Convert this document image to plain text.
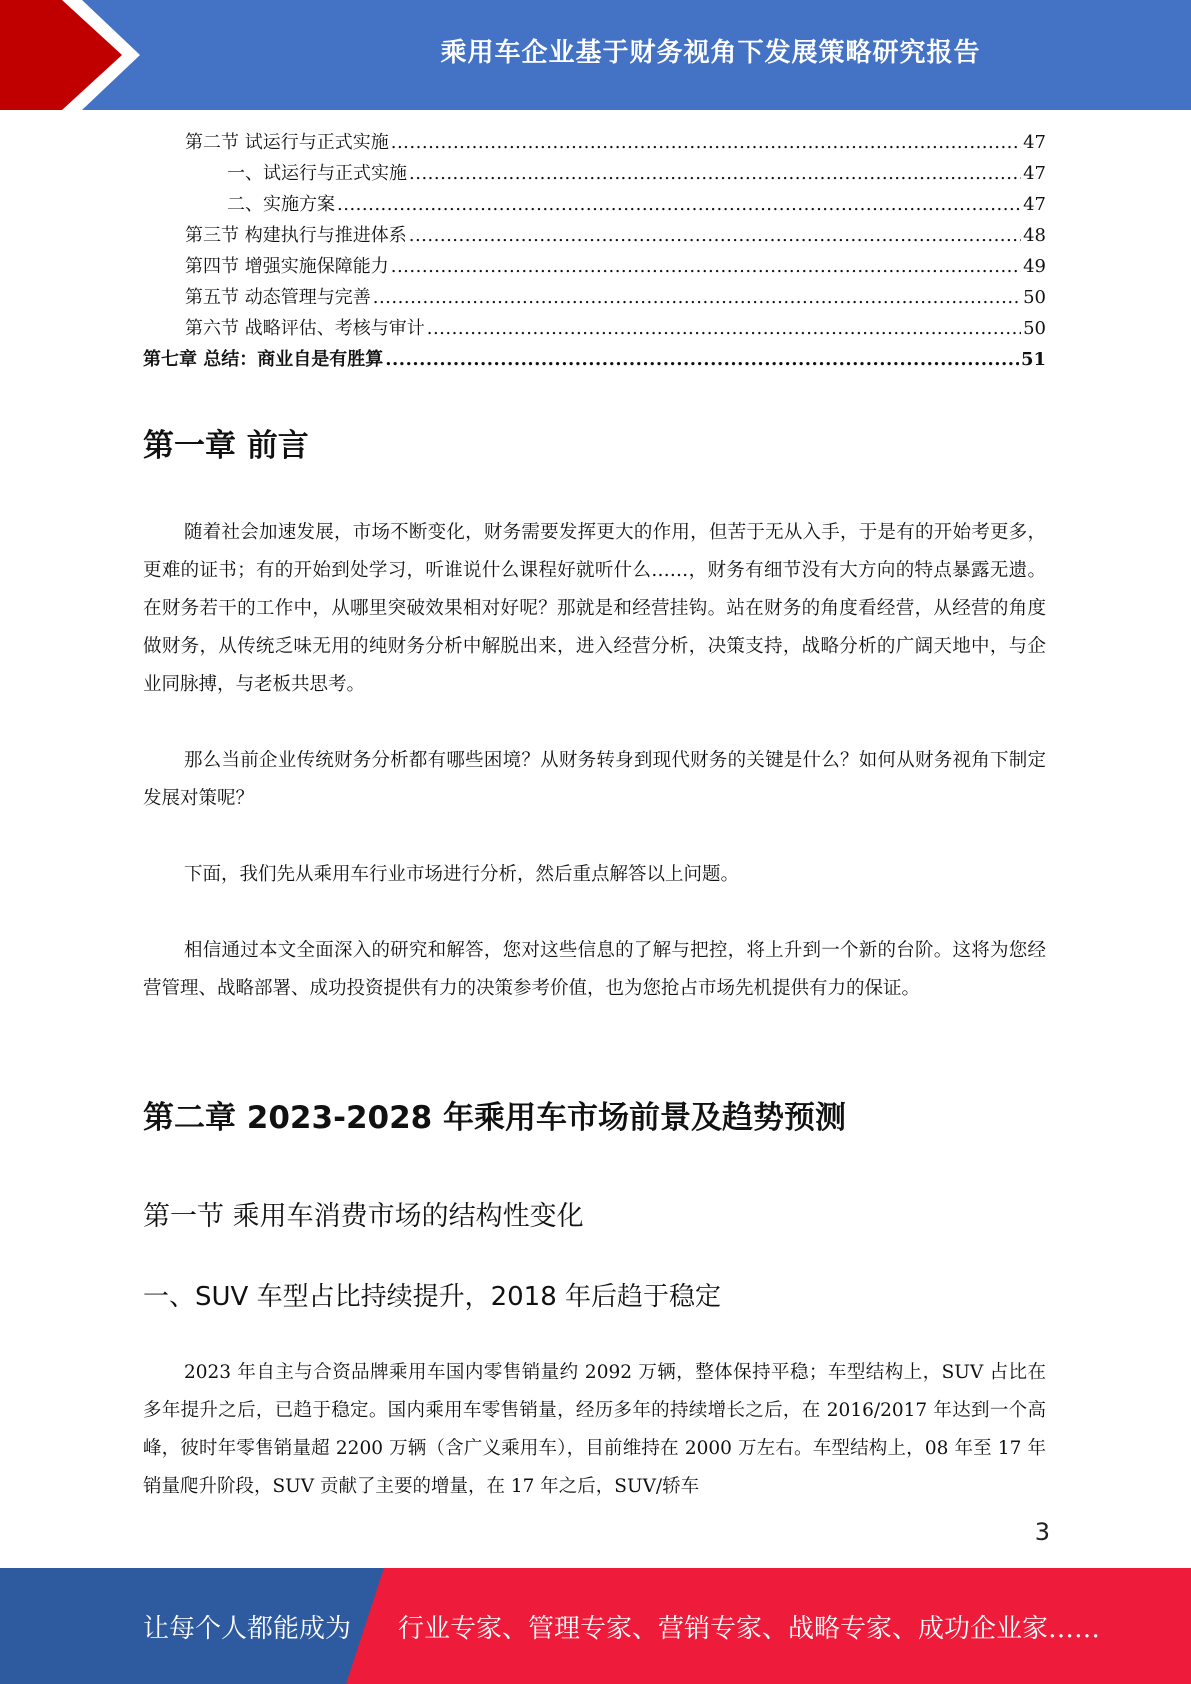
乘用车企业基于财务视角下发展策略研究报告
第二节 试运行与正式实施 .....	47
一、试运行与正式实施 .....	47
二、实施方案 .....	47
第三节 构建执行与推进体系 .....	48
第四节 增强实施保障能力 .....	49
第五节 动态管理与完善 .....	50
第六节 战略评估、考核与审计 .....	50
第七章 总结：商业自是有胜算 .....	51
第一章 前言

随着社会加速发展，市场不断变化，财务需要发挥更大的作用，但苦于无从入手，于是有的开始考更多，更难的证书；有的开始到处学习，听谁说什么课程好就听什么……，财务有细节没有大方向的特点暴露无遗。在财务若干的工作中，从哪里突破效果相对好呢？那就是和经营挂钩。站在财务的角度看经营，从经营的角度做财务，从传统乏味无用的纯财务分析中解脱出来，进入经营分析，决策支持，战略分析的广阔天地中，与企业同脉搏，与老板共思考。

那么当前企业传统财务分析都有哪些困境？从财务转身到现代财务的关键是什么？如何从财务视角下制定发展对策呢？

下面，我们先从乘用车行业市场进行分析，然后重点解答以上问题。

相信通过本文全面深入的研究和解答，您对这些信息的了解与把控，将上升到一个新的台阶。这将为您经营管理、战略部署、成功投资提供有力的决策参考价值，也为您抢占市场先机提供有力的保证。

第二章 2023-2028 年乘用车市场前景及趋势预测
第一节 乘用车消费市场的结构性变化
一、SUV 车型占比持续提升，2018 年后趋于稳定

2023 年自主与合资品牌乘用车国内零售销量约 2092 万辆，整体保持平稳；车型结构上，SUV 占比在多年提升之后，已趋于稳定。国内乘用车零售销量，经历多年的持续增长之后，在 2016/2017 年达到一个高峰，彼时年零售销量超 2200 万辆（含广义乘用车），目前维持在 2000 万左右。车型结构上，08 年至 17 年销量爬升阶段，SUV 贡献了主要的增量，在 17 年之后，SUV/轿车

3
让每个人都能成为 行业专家、管理专家、营销专家、战略专家、成功企业家……
